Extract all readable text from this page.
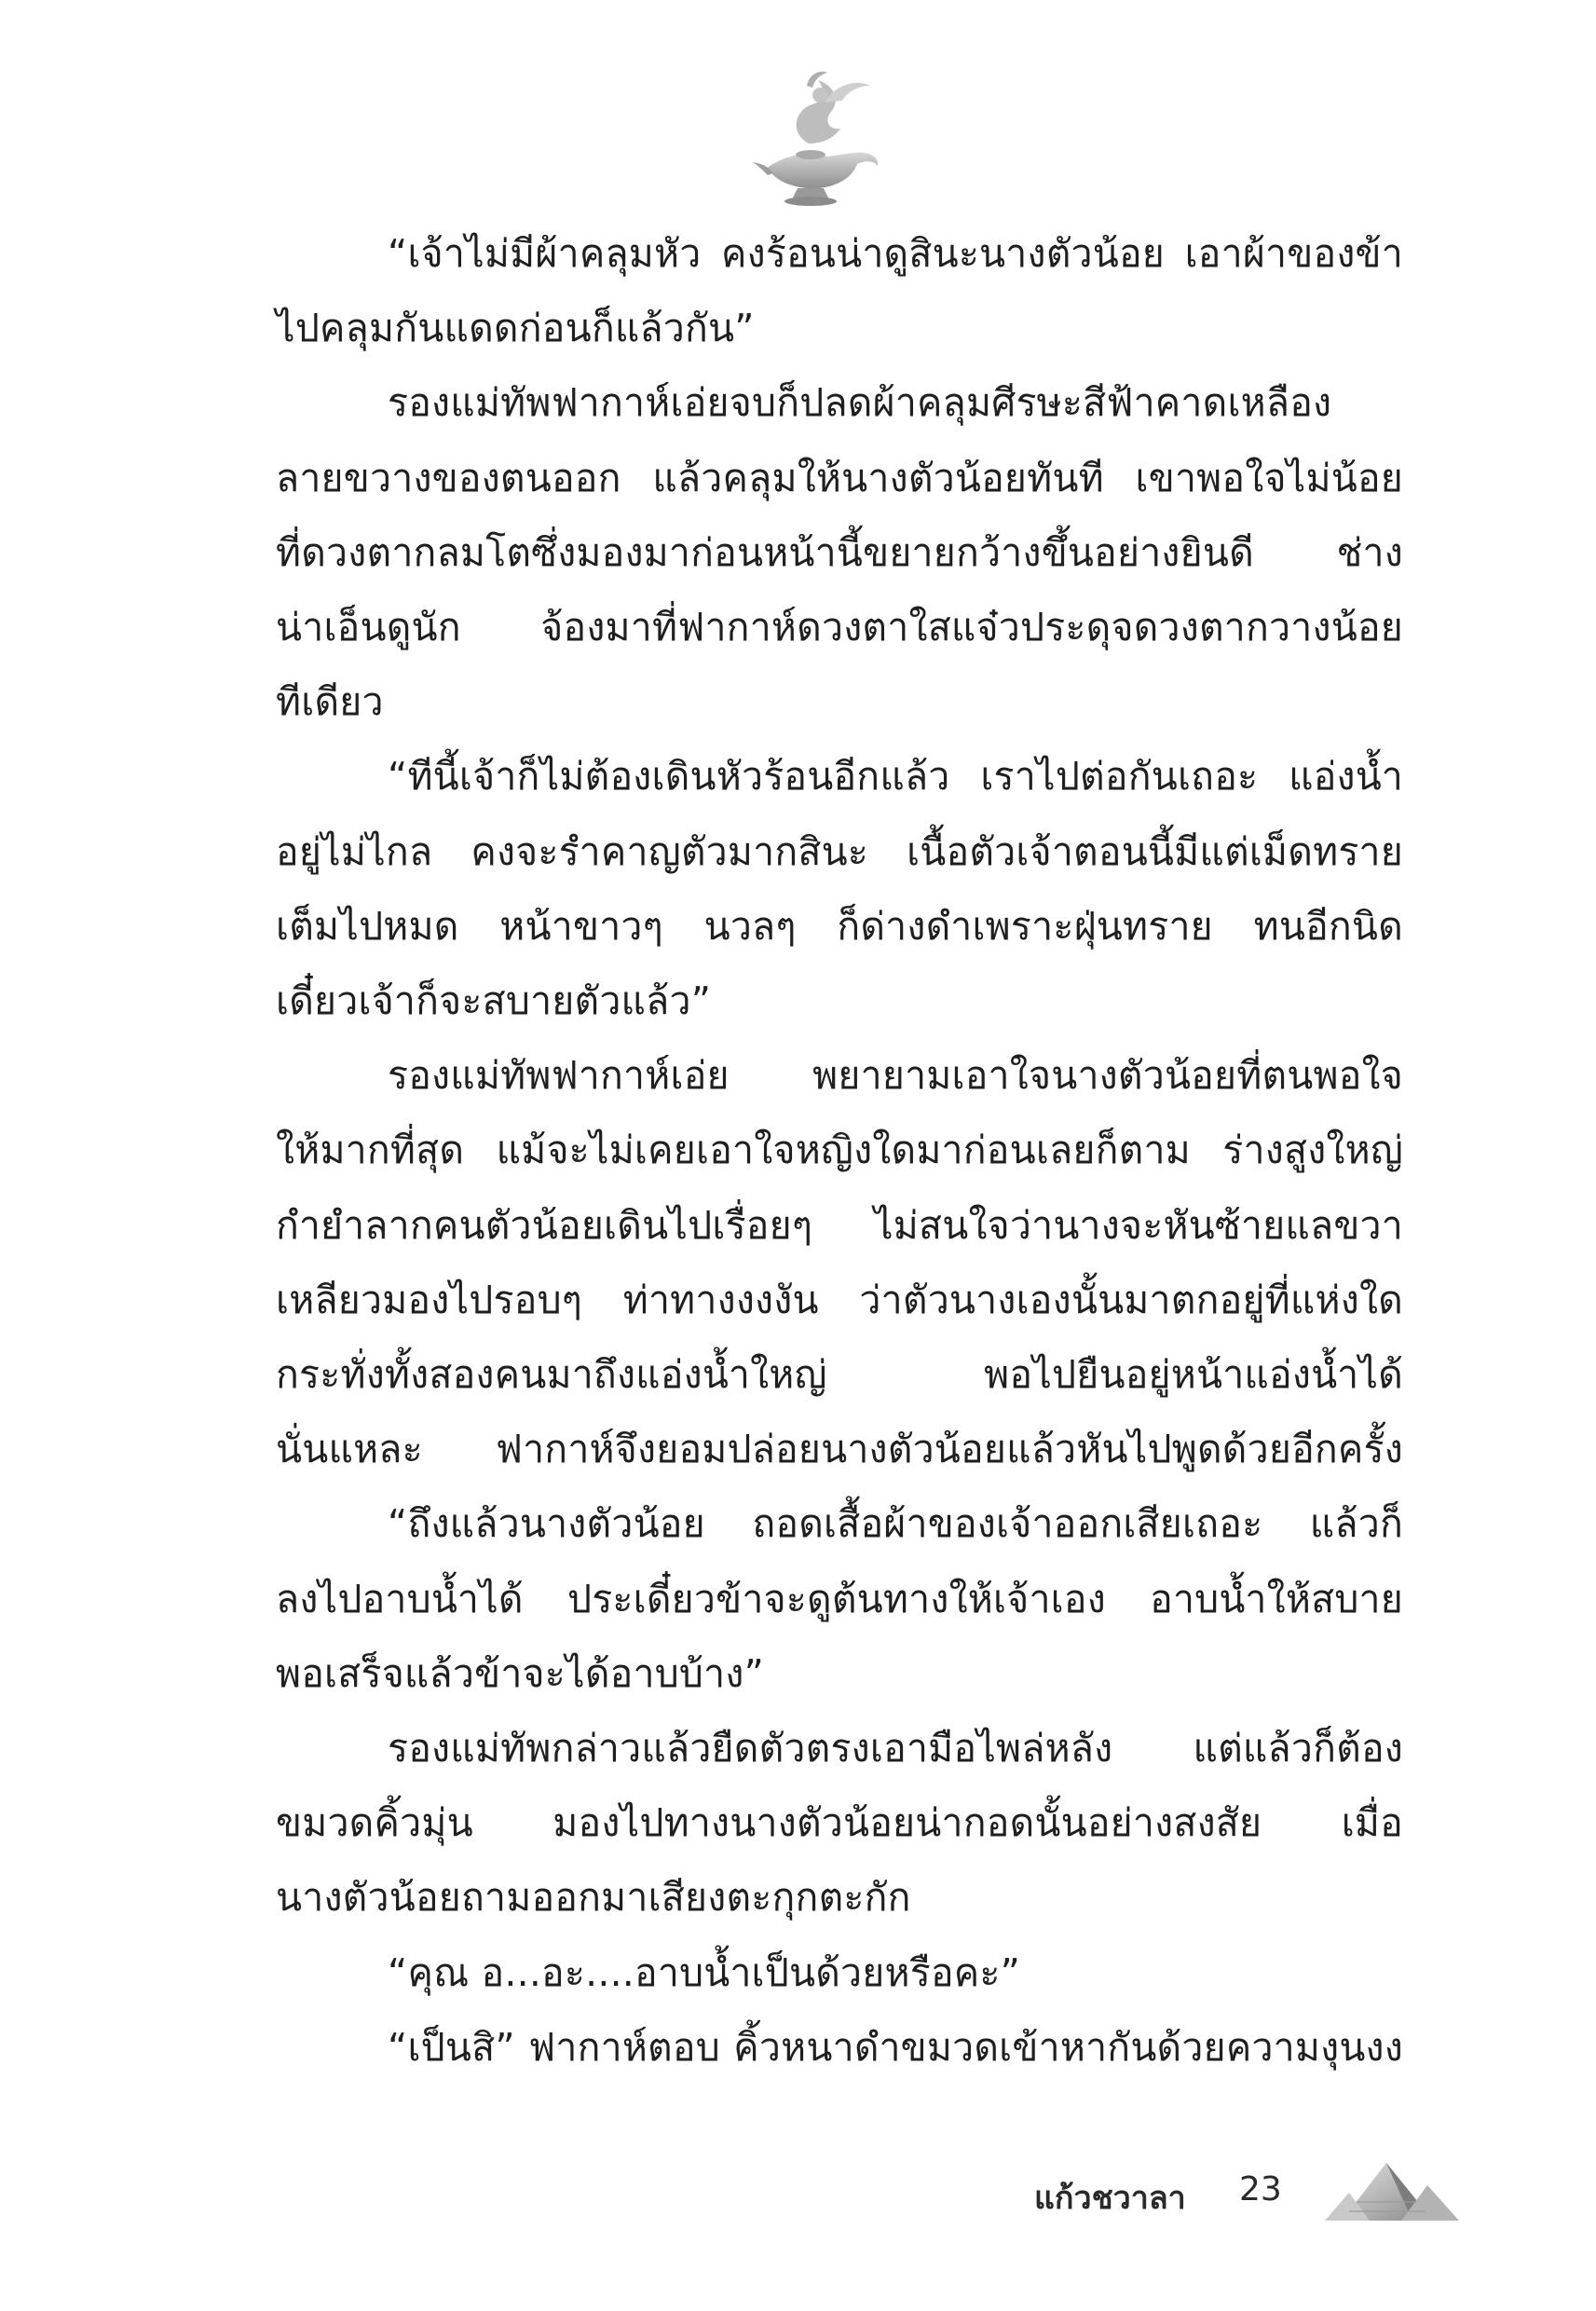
“เจ้าไม่มีผ้าคลุมหัว คงร้อนน่าดูสินะนางตัวน้อย เอาผ้าของข้า
ไปคลุมกันแดดก่อนก็แล้วกัน”

รองแม่ทัพฟากาห์เอ่ยจบก็ปลดผ้าคลุมศีรษะสีฟ้าคาดเหลือง
ลายขวางของตนออก แล้วคลุมให้นางตัวน้อยทันที เขาพอใจไม่น้อย
ที่ดวงตากลมโตซึ่งมองมาก่อนหน้านี้ขยายกว้างขึ้นอย่างยินดี ช่าง
น่าเอ็นดูนัก จ้องมาที่ฟากาห์ดวงตาใสแจ๋วประดุจดวงตากวางน้อย
ทีเดียว

“ทีนี้เจ้าก็ไม่ต้องเดินหัวร้อนอีกแล้ว เราไปต่อกันเถอะ แอ่งน้ำ
อยู่ไม่ไกล คงจะรำคาญตัวมากสินะ เนื้อตัวเจ้าตอนนี้มีแต่เม็ดทราย
เต็มไปหมด หน้าขาวๆ นวลๆ ก็ด่างดำเพราะฝุ่นทราย ทนอีกนิด
เดี๋ยวเจ้าก็จะสบายตัวแล้ว”

รองแม่ทัพฟากาห์เอ่ย พยายามเอาใจนางตัวน้อยที่ตนพอใจ
ให้มากที่สุด แม้จะไม่เคยเอาใจหญิงใดมาก่อนเลยก็ตาม ร่างสูงใหญ่
กำยำลากคนตัวน้อยเดินไปเรื่อยๆ ไม่สนใจว่านางจะหันซ้ายแลขวา
เหลียวมองไปรอบๆ ท่าทางงงงัน ว่าตัวนางเองนั้นมาตกอยู่ที่แห่งใด
กระทั่งทั้งสองคนมาถึงแอ่งน้ำใหญ่ พอไปยืนอยู่หน้าแอ่งน้ำได้
นั่นแหละ ฟากาห์จึงยอมปล่อยนางตัวน้อยแล้วหันไปพูดด้วยอีกครั้ง

“ถึงแล้วนางตัวน้อย ถอดเสื้อผ้าของเจ้าออกเสียเถอะ แล้วก็
ลงไปอาบน้ำได้ ประเดี๋ยวข้าจะดูต้นทางให้เจ้าเอง อาบน้ำให้สบาย
พอเสร็จแล้วข้าจะได้อาบบ้าง”

รองแม่ทัพกล่าวแล้วยืดตัวตรงเอามือไพล่หลัง แต่แล้วก็ต้อง
ขมวดคิ้วมุ่น มองไปทางนางตัวน้อยน่ากอดนั้นอย่างสงสัย เมื่อ
นางตัวน้อยถามออกมาเสียงตะกุกตะกัก

“คุณ อ...อะ....อาบน้ำเป็นด้วยหรือคะ”

“เป็นสิ” ฟากาห์ตอบ คิ้วหนาดำขมวดเข้าหากันด้วยความงุนงง

แก้วชวาลา 23
